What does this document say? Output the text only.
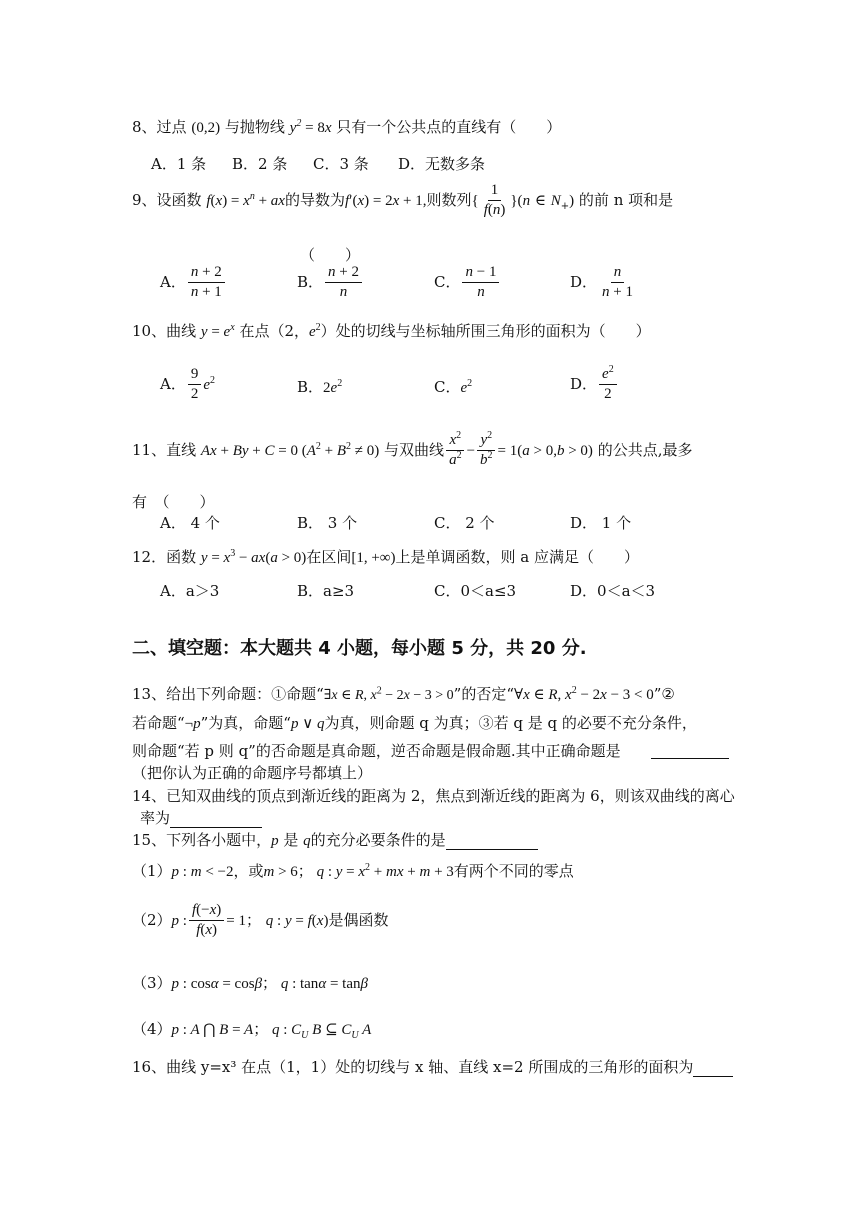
8、过点 (0,2) 与抛物线 $y^2 = 8x$ 只有一个公共点的直线有（　　）
A．1 条 B．2 条 C．3 条 D．无数多条
9、设函数 $f(x) = x^n$ + ax的导数为f′(x) = 2x + 1,则数列{ $\frac{1}{f(n)} \}(n$ ∈ $N_+$) 的前 n 项和是
（　　）
A． $\frac{n + 2}{n + 1}$	B． $\frac{n + 2}{n}$	C． $\frac{n - 1}{n}$	D． $\frac{n}{n + 1}$
10、曲线 $y = e^x$ 在点（2，$e^2$）处的切线与坐标轴所围三角形的面积为（　　）
A． $\frac{9}{2} e^2$	B．$2e^2$	C．$e^2$	D． $\frac{e^2}{2}$
11、直线 Ax + By + C = 0 $(A^2 + B^2 \ne 0)$ 与双曲线 $\frac{x^2}{a^2} - \frac{y^2}{b^2} = 1(a > 0,b > 0)$ 的公共点,最多
有　（　　）
A． 4 个	B． 3 个	C． 2 个	D． 1 个
12．函数 $y = x^3 - ax(a > 0)$在区间[1, +∞)上是单调函数，则 a 应满足（　　）
A．a＞3	B．a≥3	C．0＜a≤3	D．0＜a＜3
二、填空题：本大题共 4 小题，每小题 5 分，共 20 分.
13、给出下列命题：①命题“∃x ∈ R, $x^2 - 2x - 3 > 0$”的否定“∀x ∈ R, $x^2 - 2x - 3$ < 0”②
若命题“¬p”为真，命题“p ∨ q为真，则命题 q 为真；③若 q 是 q 的必要不充分条件，
则命题“若 p 则 q”的否命题是真命题，逆否命题是假命题.其中正确命题是
（把你认为正确的命题序号都填上）
14、已知双曲线的顶点到渐近线的距离为 2，焦点到渐近线的距离为 6，则该双曲线的离心
率为
15、下列各小题中，p 是 q的充分必要条件的是
（1）p : m < −2，或m > 6； q : $y = x^2$ + mx + m + 3有两个不同的零点
（2）p : $\frac{f(-x)}{f(x)} = 1$； q : y = f(x)是偶函数
（3）p : cosα = cosβ； q : tanα = tanβ
（4）p : A ⋂ B = A； q : $C_U$ B ⊆ $C_U$ A
16、曲线 y=x³ 在点（1，1）处的切线与 x 轴、直线 x=2 所围成的三角形的面积为
